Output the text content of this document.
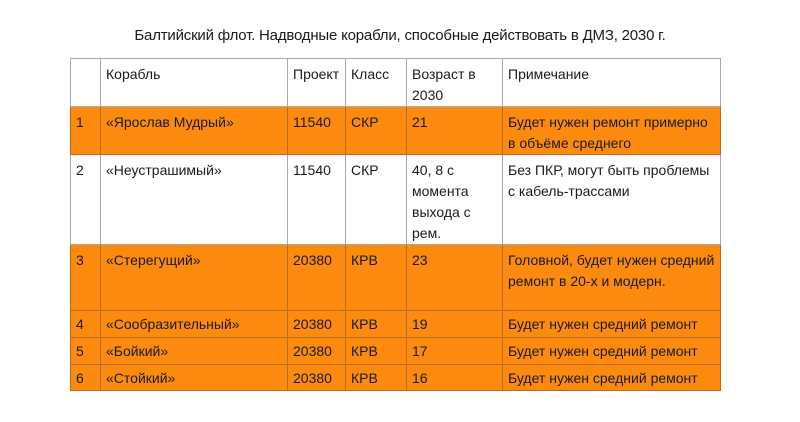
Балтийский флот. Надводные корабли, способные действовать в ДМЗ, 2030 г.
	Корабль	Проект	Класс	Возраст в 2030	Примечание
1	«Ярослав Мудрый»	11540	СКР	21	Будет нужен ремонт примерно в объёме среднего
2	«Неустрашимый»	11540	СКР	40, 8 с момента выхода с рем.	Без ПКР, могут быть проблемы с кабель-трассами
3	«Стерегущий»	20380	КРВ	23	Головной, будет нужен средний ремонт в 20-х и модерн.
4	«Сообразительный»	20380	КРВ	19	Будет нужен средний ремонт
5	«Бойкий»	20380	КРВ	17	Будет нужен средний ремонт
6	«Стойкий»	20380	КРВ	16	Будет нужен средний ремонт
